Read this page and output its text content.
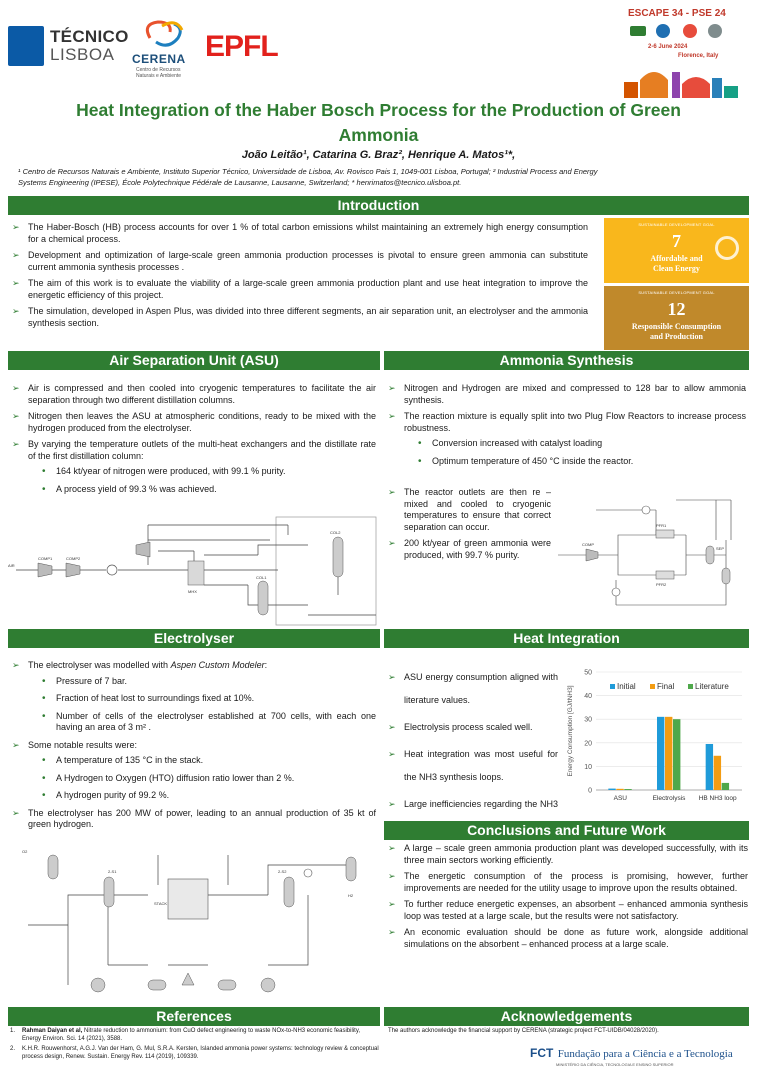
TÉCNICO
LISBOA CERENA
Centro de Recursos
Naturais e Ambiente
EPFL
ESCAPE 34 - PSE 24
2-6 June 2024
Florence, Italy
Heat Integration of the Haber Bosch Process for the Production of Green
Ammonia
João Leitão¹, Catarina G. Braz², Henrique A. Matos¹*,
¹ Centro de Recursos Naturais e Ambiente, Instituto Superior Técnico, Universidade de Lisboa, Av. Rovisco Pais 1, 1049-001 Lisboa, Portugal; ² Industrial Process and Energy
Systems Engineering (IPESE), École Polytechnique Fédérale de Lausanne, Lausanne, Switzerland; * henrimatos@tecnico.ulisboa.pt.
Introduction
➢ The Haber-Bosch (HB) process accounts for over 1 % of total carbon emissions whilst maintaining an extremely high energy consumption for a chemical process.
➢ Development and optimization of large-scale green ammonia production processes is pivotal to ensure green ammonia can substitute current ammonia synthesis processes .
➢ The aim of this work is to evaluate the viability of a large-scale green ammonia production plant and use heat integration to improve the energetic efficiency of this project.
➢ The simulation, developed in Aspen Plus, was divided into three different segments, an air separation unit, an electrolyser and the ammonia synthesis section.
SUSTAINABLE DEVELOPMENT GOAL
7
Affordable and
Clean Energy
SUSTAINABLE DEVELOPMENT GOAL
12
Responsible Consumption
and Production
Air Separation Unit (ASU)
➢ Air is compressed and then cooled into cryogenic temperatures to facilitate the air separation through two different distillation columns.
➢ Nitrogen then leaves the ASU at atmospheric conditions, ready to be mixed with the hydrogen produced from the electrolyser.
➢ By varying the temperature outlets of the multi-heat exchangers and the distillate rate of the first distillation column:
• 164 kt/year of nitrogen were produced, with 99.1 % purity.
• A process yield of 99.3 % was achieved.
AIR
COMP1	COMP2
MHX
COL1
COL2
Ammonia Synthesis
➢ Nitrogen and Hydrogen are mixed and compressed to 128 bar to allow ammonia synthesis.
➢ The reaction mixture is equally split into two Plug Flow Reactors to increase process robustness.
• Conversion increased with catalyst loading
• Optimum temperature of 450 °C inside the reactor.
➢ The reactor outlets are then re – mixed and cooled to cryogenic temperatures to ensure that correct separation can occur.
➢ 200 kt/year of green ammonia were produced, with 99.7 % purity.
COMP
PFR1
PFR2
SEP
Electrolyser
➢ The electrolyser was modelled with Aspen Custom Modeler:
• Pressure of 7 bar.
• Fraction of heat lost to surroundings fixed at 10%.
• Number of cells of the electrolyser established at 700 cells, with each one having an area of 3 m² .
➢ Some notable results were:
• A temperature of 135 °C in the stack.
• A Hydrogen to Oxygen (HTO) diffusion ratio lower than 2 %.
• A hydrogen purity of 99.2 %.
➢ The electrolyser has 200 MW of power, leading to an annual production of 35 kt of green hydrogen.
STACK
2-S1	2-S2
H2
O2
Heat Integration
➢ ASU energy consumption aligned with literature values.
➢ Electrolysis process scaled well.
➢ Heat integration was most useful for the NH3 synthesis loops.
➢ Large inefficiencies regarding the NH3
0
10
20
30
40
50
Energy Consumption [GJ/tNH3]
ASU	Electrolysis HB NH3 loop
Initial	Final	Literature
Conclusions and Future Work
➢ A large – scale green ammonia production plant was developed successfully, with its three main sectors working efficiently.
➢ The energetic consumption of the process is promising, however, further improvements are needed for the utility usage to improve upon the results obtained.
➢ To further reduce energetic expenses, an absorbent – enhanced ammonia synthesis loop was tested at a large scale, but the results were not satisfactory.
➢ An economic evaluation should be done as future work, alongside additional simulations on the absorbent – enhanced process at a large scale.
References	Acknowledgements
1.	Rahman Daiyan et al, Nitrate reduction to ammonium: from CuO defect engineering to waste NOx-to-NH3 economic feasibility, Energy Environ. Sci. 14 (2021), 3588.
2.	K.H.R. Rouwenhorst, A.G.J. Van der Ham, G. Mul, S.R.A. Kersten, Islanded ammonia power systems: technology review & conceptual process design, Renew. Sustain. Energy Rev. 114 (2019), 109339.
The authors acknowledge the financial support by CERENA (strategic project FCT-UIDB/04028/2020).
FCT Fundação para a Ciência e a Tecnologia
MINISTÉRIO DA CIÊNCIA, TECNOLOGIA E ENSINO SUPERIOR
